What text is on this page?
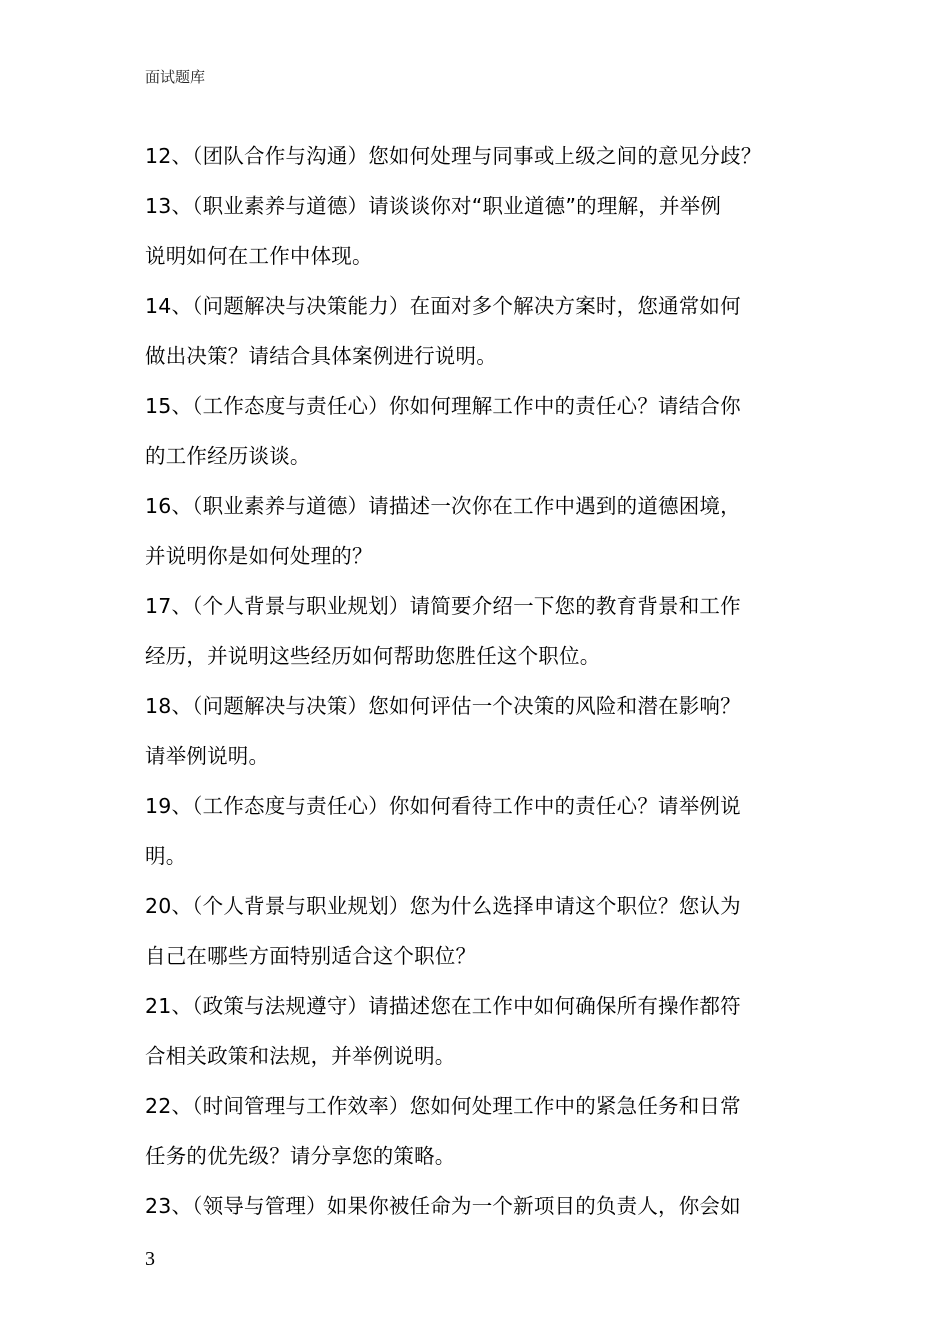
面试题库
12、（团队合作与沟通）您如何处理与同事或上级之间的意见分歧？
13、（职业素养与道德）请谈谈你对“职业道德”的理解，并举例
说明如何在工作中体现。
14、（问题解决与决策能力）在面对多个解决方案时，您通常如何
做出决策？请结合具体案例进行说明。
15、（工作态度与责任心）你如何理解工作中的责任心？请结合你
的工作经历谈谈。
16、（职业素养与道德）请描述一次你在工作中遇到的道德困境，
并说明你是如何处理的？
17、（个人背景与职业规划）请简要介绍一下您的教育背景和工作
经历，并说明这些经历如何帮助您胜任这个职位。
18、（问题解决与决策）您如何评估一个决策的风险和潜在影响？
请举例说明。
19、（工作态度与责任心）你如何看待工作中的责任心？请举例说
明。
20、（个人背景与职业规划）您为什么选择申请这个职位？您认为
自己在哪些方面特别适合这个职位？
21、（政策与法规遵守）请描述您在工作中如何确保所有操作都符
合相关政策和法规，并举例说明。
22、（时间管理与工作效率）您如何处理工作中的紧急任务和日常
任务的优先级？请分享您的策略。
23、（领导与管理）如果你被任命为一个新项目的负责人，你会如
3
